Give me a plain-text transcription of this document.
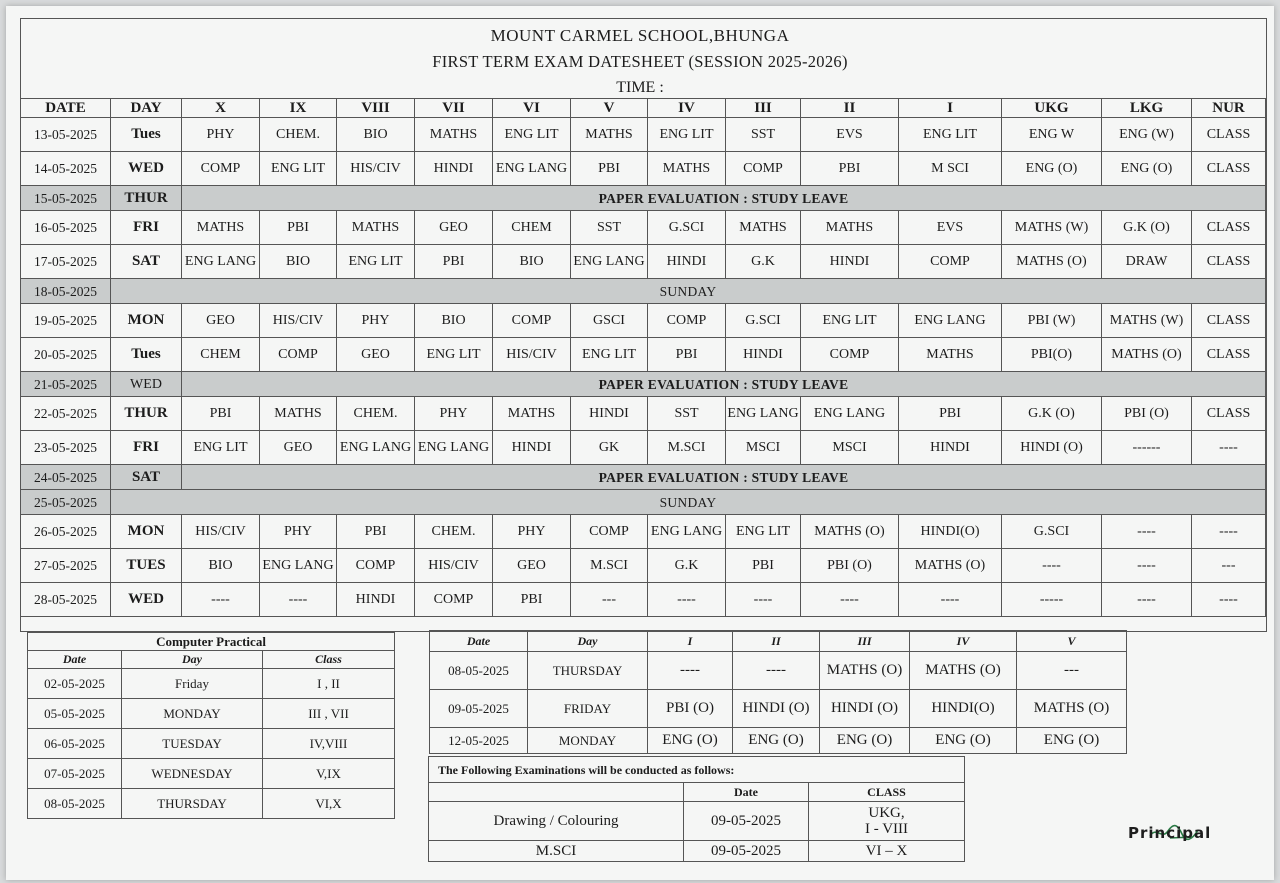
MOUNT CARMEL SCHOOL,BHUNGA
FIRST TERM EXAM DATESHEET (SESSION 2025-2026)
TIME :
DATE	DAY	X	IX	VIII	VII	VI	V	IV	III	II	I	UKG	LKG	NUR
13-05-2025	Tues	PHY	CHEM.	BIO	MATHS	ENG LIT	MATHS	ENG LIT	SST	EVS	ENG LIT	ENG W	ENG (W)	CLASS
14-05-2025	WED	COMP	ENG LIT	HIS/CIV	HINDI	ENG LANG	PBI	MATHS	COMP	PBI	M SCI	ENG (O)	ENG (O)	CLASS
15-05-2025	THUR	PAPER EVALUATION : STUDY LEAVE												
16-05-2025	FRI	MATHS	PBI	MATHS	GEO	CHEM	SST	G.SCI	MATHS	MATHS	EVS	MATHS (W)	G.K (O)	CLASS
17-05-2025	SAT	ENG LANG	BIO	ENG LIT	PBI	BIO	ENG LANG	HINDI	G.K	HINDI	COMP	MATHS (O)	DRAW	CLASS
18-05-2025	SUNDAY													
19-05-2025	MON	GEO	HIS/CIV	PHY	BIO	COMP	GSCI	COMP	G.SCI	ENG LIT	ENG LANG	PBI (W)	MATHS (W)	CLASS
20-05-2025	Tues	CHEM	COMP	GEO	ENG LIT	HIS/CIV	ENG LIT	PBI	HINDI	COMP	MATHS	PBI(O)	MATHS (O)	CLASS
21-05-2025	WED	PAPER EVALUATION : STUDY LEAVE												
22-05-2025	THUR	PBI	MATHS	CHEM.	PHY	MATHS	HINDI	SST	ENG LANG	ENG LANG	PBI	G.K (O)	PBI (O)	CLASS
23-05-2025	FRI	ENG LIT	GEO	ENG LANG	ENG LANG	HINDI	GK	M.SCI	MSCI	MSCI	HINDI	HINDI (O)	------	----
24-05-2025	SAT	PAPER EVALUATION : STUDY LEAVE												
25-05-2025	SUNDAY													
26-05-2025	MON	HIS/CIV	PHY	PBI	CHEM.	PHY	COMP	ENG LANG	ENG LIT	MATHS (O)	HINDI(O)	G.SCI	----	----
27-05-2025	TUES	BIO	ENG LANG	COMP	HIS/CIV	GEO	M.SCI	G.K	PBI	PBI (O)	MATHS (O)	----	----	---
28-05-2025	WED	----	----	HINDI	COMP	PBI	---	----	----	----	----	-----	----	----
Computer Practical		
Date	Day	Class
02-05-2025	Friday	I , II
05-05-2025	MONDAY	III , VII
06-05-2025	TUESDAY	IV,VIII
07-05-2025	WEDNESDAY	V,IX
08-05-2025	THURSDAY	VI,X
Date	Day	I	II	III	IV	V
08-05-2025	THURSDAY	----	----	MATHS (O)	MATHS (O)	---
09-05-2025	FRIDAY	PBI (O)	HINDI (O)	HINDI (O)	HINDI(O)	MATHS (O)
12-05-2025	MONDAY	ENG (O)	ENG (O)	ENG (O)	ENG (O)	ENG (O)
The Following Examinations will be conducted as follows:		
	Date	CLASS
Drawing / Colouring	09-05-2025	UKG,
I - VIII
M.SCI	09-05-2025	VI – X
Principal
